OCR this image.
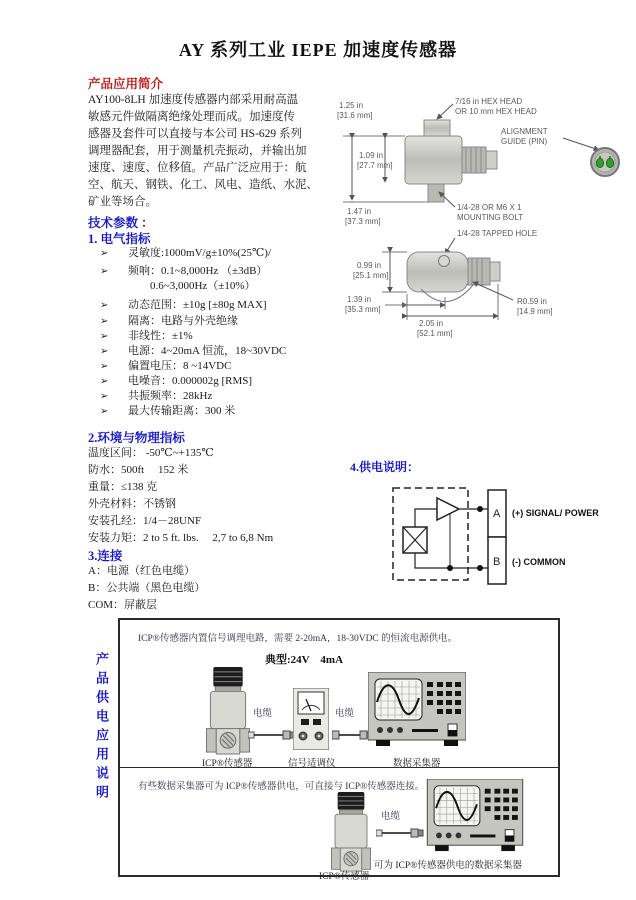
AY 系列工业 IEPE 加速度传感器
产品应用简介
AY100-8LH 加速度传感器内部采用耐高温
敏感元件做隔离绝缘处理而成。加速度传
感器及套件可以直接与本公司 HS-629 系列
调理器配套，用于测量机壳振动，并输出加
速度、速度、位移值。产品广泛应用于：航
空、航天、钢铁、化工、风电、造纸、水泥、
矿业等场合。
技术参数 ：
1. 电气指标
➢ 灵敏度:1000mV/g±10%(25℃)/
➢ 频响：0.1~8,000Hz （±3dB）
0.6~3,000Hz（±10%）
➢ 动态范围：±10g [±80g MAX]
➢ 隔离：电路与外壳绝缘
➢ 非线性：±1%
➢ 电源：4~20mA 恒流，18~30VDC
➢ 偏置电压：8 ~14VDC
➢ 电噪音：0.000002g [RMS]
➢ 共振频率：28kHz
➢ 最大传输距离：300 米
2.环境与物理指标
温度区间： -50℃~+135℃
防水：500ft　 152 米
重量：≤138 克
外壳材料：不锈钢
安装孔经：1/4－28UNF
安装力矩：2 to 5 ft. lbs.　 2,7 to 6,8 Nm
3.连接
A：电源（红色电缆）
B：公共端（黑色电缆）
COM：屏蔽层
1.25 in
[31.6 mm]
7/16 in HEX HEAD
OR 10 mm HEX HEAD
ALIGNMENT
GUIDE (PIN)
1.09 in
[27.7 mm]
1.47 in
[37.3 mm]
1/4-28 OR M6 X 1
MOUNTING BOLT
1/4-28 TAPPED HOLE
0.99 in
[25.1 mm]
1.39 in
[35.3 mm]
2.05 in
[52.1 mm]
R0.59 in
[14.9 mm]
4.供电说明：
A
B
(+) SIGNAL/ POWER
(-) COMMON
产品供电应用说明
ICP®传感器内置信号调理电路，需要 2-20mA，18-30VDC 的恒流电源供电。
典型:24V　4mA
电缆	电缆
ICP®传感器	信号适调仪	数据采集器
有些数据采集器可为 ICP®传感器供电，可直接与 ICP®传感器连接。
电缆
ICP®传感器
可为 ICP®传感器供电的数据采集器
